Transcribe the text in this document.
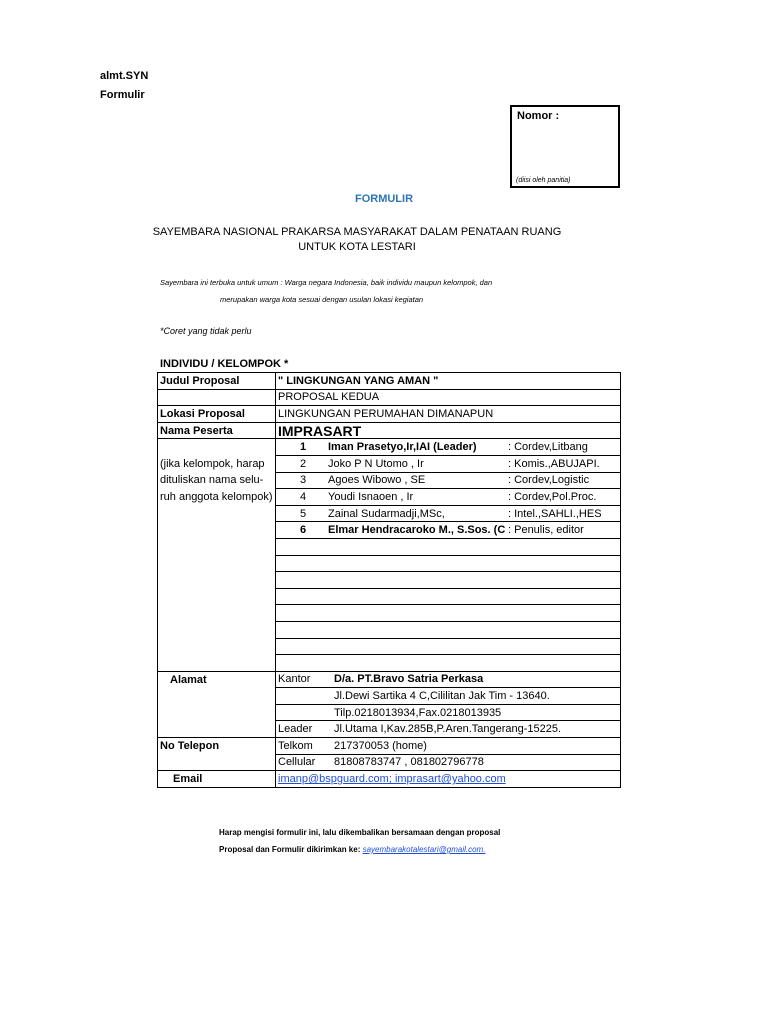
almt.SYN
Formulir
Nomor :
(diisi oleh panitia)
FORMULIR
SAYEMBARA NASIONAL PRAKARSA MASYARAKAT DALAM PENATAAN RUANG
UNTUK KOTA LESTARI
Sayembara ini terbuka untuk umum : Warga negara Indonesia, baik individu maupun kelompok, dan
merupakan warga kota sesuai dengan usulan lokasi kegiatan
*Coret yang tidak perlu
INDIVIDU / KELOMPOK *
Judul Proposal	" LINGKUNGAN YANG AMAN "
	PROPOSAL KEDUA
Lokasi Proposal	LINGKUNGAN PERUMAHAN DIMANAPUN
Nama Peserta	IMPRASART

	1 Iman Prasetyo,Ir,IAI (Leader) : Cordev,Litbang

(jika kelompok, harap	2 Joko P N Utomo , Ir : Komis.,ABUJAPI.

dituliskan nama selu-	3 Agoes Wibowo , SE : Cordev,Logistic

ruh anggota kelompok)	4 Youdi Isnaoen , Ir : Cordev,Pol.Proc.

	5 Zainal Sudarmadji,MSc, : Intel.,SAHLI.,HES

	6 Elmar Hendracaroko M., S.Sos. (C : Penulis, editor

Alamat	Kantor D/a. PT.Bravo Satria Perkasa

	Jl.Dewi Sartika 4 C,Cililitan Jak Tim - 13640.

	Tilp.0218013934,Fax.0218013935

	Leader Jl.Utama I,Kav.285B,P.Aren.Tangerang-15225.

No Telepon	Telkom 217370053 (home)

	Cellular 81808783747 , 081802796778

Email	imanp@bspguard.com; imprasart@yahoo.com
Harap mengisi formulir ini, lalu dikembalikan bersamaan dengan proposal
Proposal dan Formulir dikirimkan ke: sayembarakotalestari@gmail.com.
